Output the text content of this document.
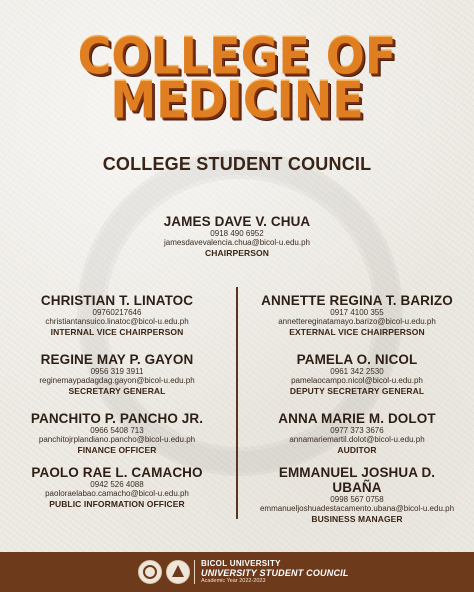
COLLEGE OF
MEDICINE
COLLEGE STUDENT COUNCIL
JAMES DAVE V. CHUA
0918 490 6952
jamesdavevalencia.chua@bicol-u.edu.ph
CHAIRPERSON
CHRISTIAN T. LINATOC
09760217646
christiantansuico.linatoc@bicol-u.edu.ph
INTERNAL VICE CHAIRPERSON
REGINE MAY P. GAYON
0956 319 3911
reginemaypadagdag.gayon@bicol-u.edu.ph
SECRETARY GENERAL
PANCHITO P. PANCHO JR.
0966 5408 713
panchitojrplandiano.pancho@bicol-u.edu.ph
FINANCE OFFICER
PAOLO RAE L. CAMACHO
0942 526 4088
paoloraelabao.camacho@bicol-u.edu.ph
PUBLIC INFORMATION OFFICER
ANNETTE REGINA T. BARIZO
0917 4100 355
annettereginatamayo.barizo@bicol-u.edu.ph
EXTERNAL VICE CHAIRPERSON
PAMELA O. NICOL
0961 342 2530
pamelaocampo.nicol@bicol-u.edu.ph
DEPUTY SECRETARY GENERAL
ANNA MARIE M. DOLOT
0977 373 3676
annamariemartil.dolot@bicol-u.edu.ph
AUDITOR
EMMANUEL JOSHUA D. UBAÑA
0998 567 0758
emmanueljoshuadestacamento.ubana@bicol-u.edu.ph
BUSINESS MANAGER
BICOL UNIVERSITY
UNIVERSITY STUDENT COUNCIL
Academic Year 2022-2023
